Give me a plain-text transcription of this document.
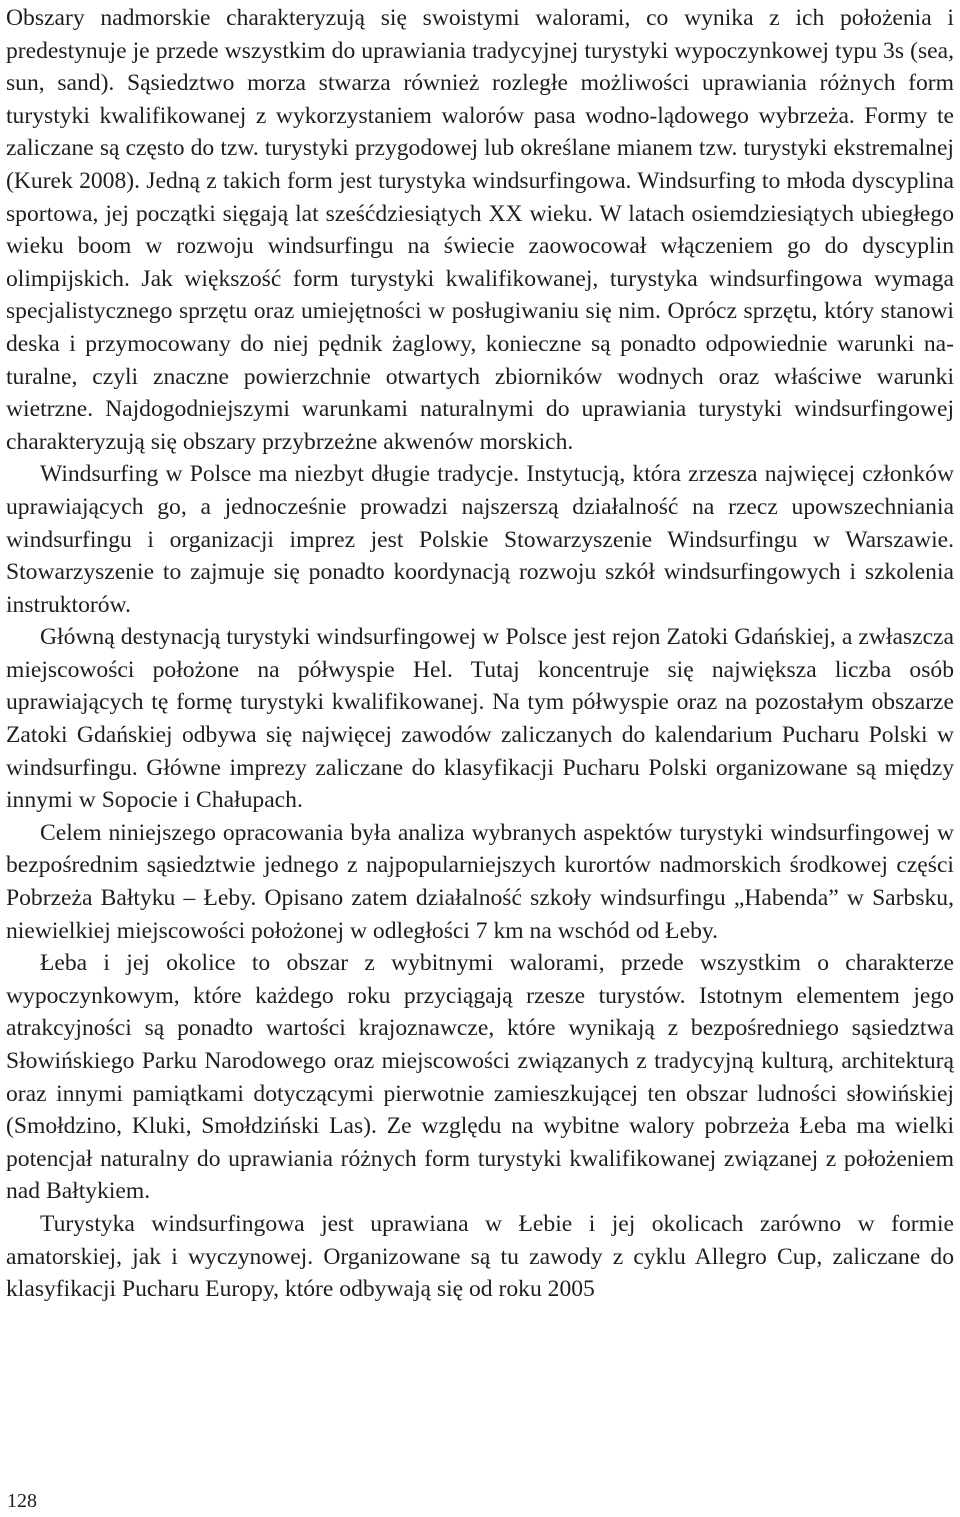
Obszary nadmorskie charakteryzują się swoistymi walorami, co wynika z ich położenia i predestynuje je przede wszystkim do uprawiania tradycyjnej turystyki wypoczynkowej typu 3s (sea, sun, sand). Sąsiedztwo morza stwarza również rozległe możliwości uprawiania różnych form turystyki kwalifikowanej z wykorzystaniem walorów pasa wodno-lądowego wybrzeża. Formy te zaliczane są często do tzw. turystyki przygodowej lub określane mianem tzw. turystyki ekstremalnej (Kurek 2008). Jedną z takich form jest turystyka windsurfingowa. Windsurfing to młoda dyscyplina sportowa, jej początki sięgają lat sześćdziesiątych XX wieku. W latach osiemdziesiątych ubiegłego wieku boom w rozwoju windsurfingu na świecie zaowocował włączeniem go do dyscyplin olimpijskich. Jak większość form turystyki kwalifikowanej, turystyka windsurfingowa wymaga specjalistycznego sprzętu oraz umiejętności w posługiwaniu się nim. Oprócz sprzętu, który stanowi deska i przymocowany do niej pędnik żaglowy, konieczne są ponadto odpowiednie warunki naturalne, czyli znaczne powierzchnie otwartych zbiorników wodnych oraz właściwe warunki wietrzne. Najdogodniejszymi warunkami naturalnymi do uprawiania turystyki windsurfingowej charakteryzują się obszary przybrzeżne akwenów morskich.

Windsurfing w Polsce ma niezbyt długie tradycje. Instytucją, która zrzesza najwięcej członków uprawiających go, a jednocześnie prowadzi najszerszą działalność na rzecz upowszechniania windsurfingu i organizacji imprez jest Polskie Stowarzyszenie Windsurfingu w Warszawie. Stowarzyszenie to zajmuje się ponadto koordynacją rozwoju szkół windsurfingowych i szkolenia instruktorów.

Główną destynacją turystyki windsurfingowej w Polsce jest rejon Zatoki Gdańskiej, a zwłaszcza miejscowości położone na półwyspie Hel. Tutaj koncentruje się największa liczba osób uprawiających tę formę turystyki kwalifikowanej. Na tym półwyspie oraz na pozostałym obszarze Zatoki Gdańskiej odbywa się najwięcej zawodów zaliczanych do kalendarium Pucharu Polski w windsurfingu. Główne imprezy zaliczane do klasyfikacji Pucharu Polski organizowane są między innymi w Sopocie i Chałupach.

Celem niniejszego opracowania była analiza wybranych aspektów turystyki windsurfingowej w bezpośrednim sąsiedztwie jednego z najpopularniejszych kurortów nadmorskich środkowej części Pobrzeża Bałtyku – Łeby. Opisano zatem działalność szkoły windsurfingu „Habenda” w Sarbsku, niewielkiej miejscowości położonej w odległości 7 km na wschód od Łeby.

Łeba i jej okolice to obszar z wybitnymi walorami, przede wszystkim o charakterze wypoczynkowym, które każdego roku przyciągają rzesze turystów. Istotnym elementem jego atrakcyjności są ponadto wartości krajoznawcze, które wynikają z bezpośredniego sąsiedztwa Słowińskiego Parku Narodowego oraz miejscowości związanych z tradycyjną kulturą, architekturą oraz innymi pamiątkami dotyczącymi pierwotnie zamieszkującej ten obszar ludności słowińskiej (Smołdzino, Kluki, Smołdziński Las). Ze względu na wybitne walory pobrzeża Łeba ma wielki potencjał naturalny do uprawiania różnych form turystyki kwalifikowanej związanej z położeniem nad Bałtykiem.

Turystyka windsurfingowa jest uprawiana w Łebie i jej okolicach zarówno w formie amatorskiej, jak i wyczynowej. Organizowane są tu zawody z cyklu Allegro Cup, zaliczane do klasyfikacji Pucharu Europy, które odbywają się od roku 2005

128
